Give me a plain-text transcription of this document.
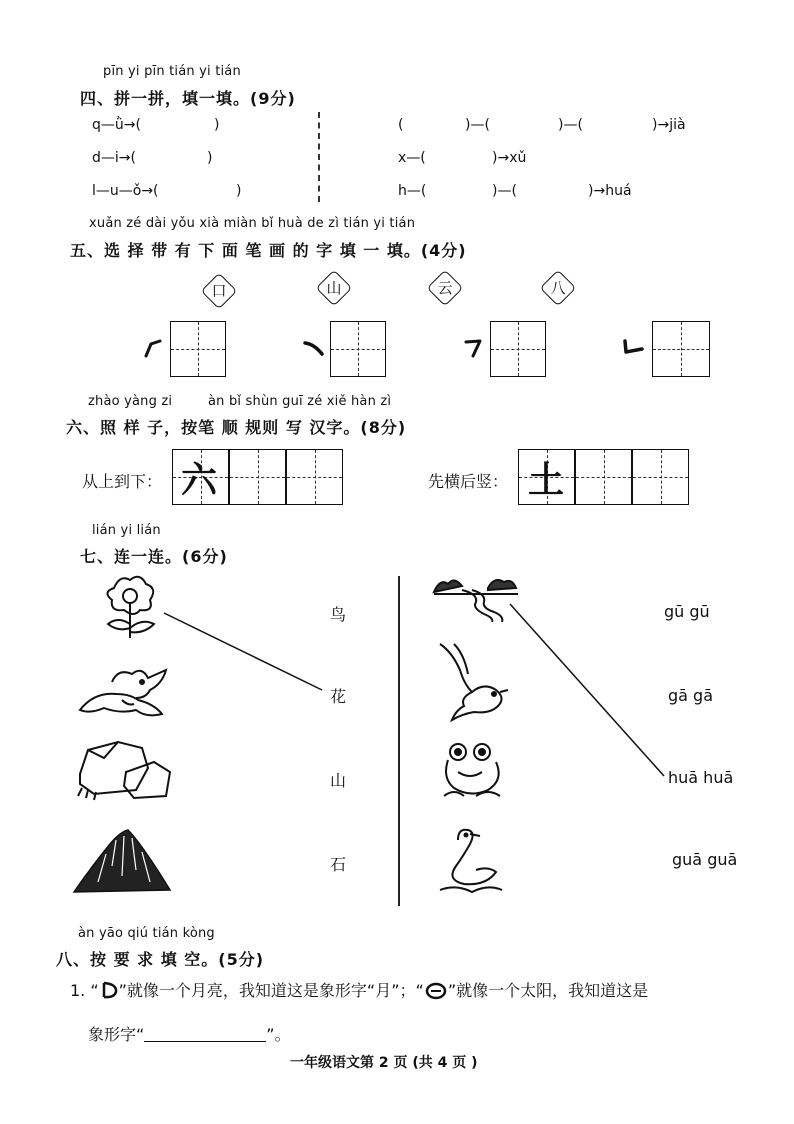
pīn yi pīn tián yi tián
四、拼一拼，填一填。(9分)
q—ǜ→(	)
d—i→(	)
l—u—ǒ→(	)
(	)—(	)—(	)→jià
x—(	)→xǔ
h—(	)—(	)→huá
xuǎn zé dài yǒu xià miàn bǐ huà de zì tián yi tián
五、选 择 带 有 下 面 笔 画 的 字 填 一 填。(4分)
口	山	云	八
㇀ ㇏ ㇇ ㇀
zhào yàng zi	àn bǐ shùn guī zé xiě hàn zì
六、照 样 子，按笔 顺 规则 写 汉字。(8分)
从上到下： 六	先横后竖： 土
lián yi lián
七、连一连。(6分)
鸟
花
山
石
gū gū
gā gā
huā huā
guā guā
àn yāo qiú tián kòng
八、按 要 求 填 空。(5分)
1. “ ”就像一个月亮，我知道这是象形字“月”；“ ”就像一个太阳，我知道这是
象形字“	”。
一年级语文第 2 页 (共 4 页 )
